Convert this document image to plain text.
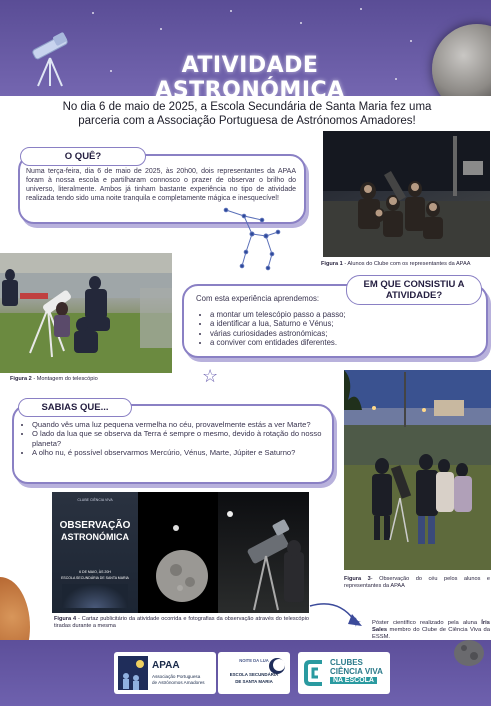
ATIVIDADE ASTRONÓMICA
No dia 6 de maio de 2025, a Escola Secundária de Santa Maria fez uma parceria com a Associação Portuguesa de Astrónomos Amadores!
O QUÊ?
Numa terça-feira, dia 6 de maio de 2025, às 20h00, dois representantes da APAA foram à nossa escola e partilharam connosco o prazer de observar o brilho do universo, literalmente. Ambos já tinham bastante experiência no tipo de atividade realizada tendo sido uma noite tranquila e completamente mágica e inesquecível!
Figura 1 - Alunos do Clube com os representantes da APAA
Figura 2 - Montagem do telescópio
EM QUE CONSISTIU A ATIVIDADE?
Com esta experiência aprendemos:
• a montar um telescópio passo a passo;
• a identificar a lua, Saturno e Vénus;
• várias curiosidades astronómicas;
• a conviver com entidades diferentes.
☆
SABIAS QUE...
• Quando vês uma luz pequena vermelha no céu, provavelmente estás a ver Marte?
• O lado da lua que se observa da Terra é sempre o mesmo, devido à rotação do nosso planeta?
• A olho nu, é possível observarmos Mercúrio, Vénus, Marte, Júpiter e Saturno?
Figura 3- Observação do céu pelos alunos e representantes da APAA
CLUBE CIÊNCIA VIVA
OBSERVAÇÃO
ASTRONÓMICA
6 DE MAIO, ÀS 20H
ESCOLA SECUNDÁRIA DE SANTA MARIA
Figura 4 - Cartaz publicitário da atividade ocorrida e fotografias da observação através do telescópio tiradas durante a mesma	✦ Póster científico realizado pela aluna Íris Sales membro do Clube de Ciência Viva da ESSM.
APAA
Associação Portuguesa
de Astrónomos Amadores
NOITE DA LUA
ESCOLA SECUNDÁRIA
DE SANTA MARIA
CLUBES
CIÊNCIA VIVA
NA ESCOLA
